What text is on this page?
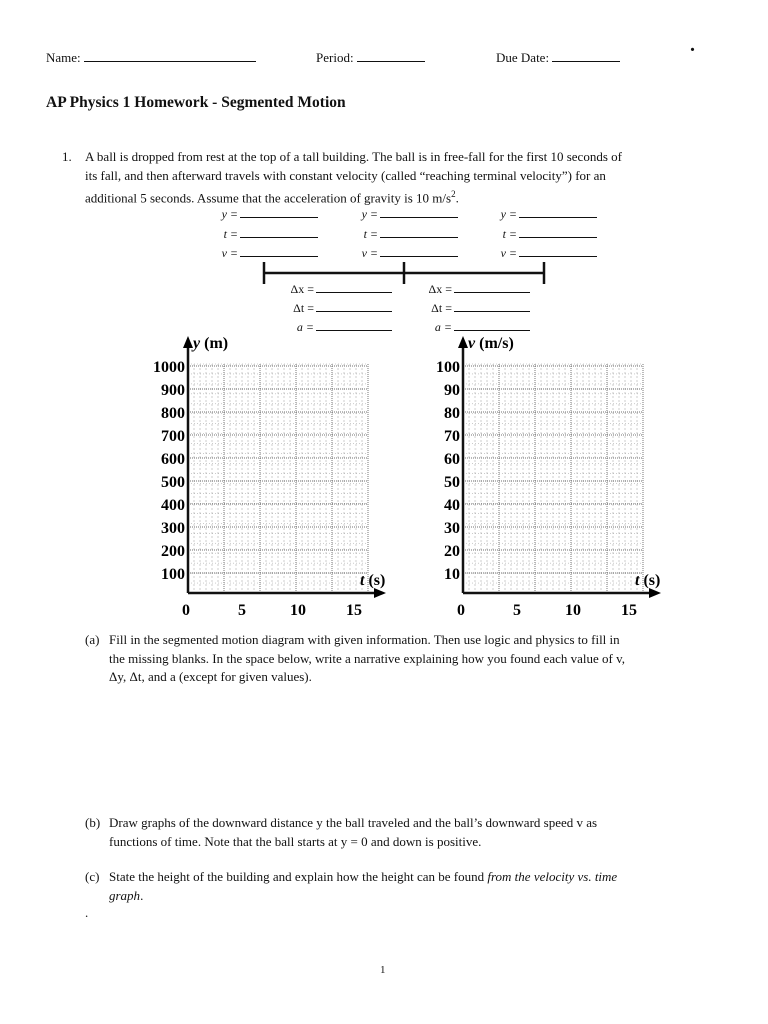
Name:	Period:	Due Date:
.
AP Physics 1 Homework - Segmented Motion
1. A ball is dropped from rest at the top of a tall building. The ball is in free-fall for the first 10 seconds of
its fall, and then afterward travels with constant velocity (called “reaching terminal velocity”) for an
additional 5 seconds. Assume that the acceleration of gravity is 10 $m/s^2$.
y =
t =
v =
y =
t =
v =
y =
t =
v =
Δx =
Δt =
a =
Δx =
Δt =
a =
1000
900
800
700
600
500
400
300
200
100
0	5	10	15
y (m)
t (s)
100
90
80
70
60
50
40
30
20
10
0	5	10	15
v (m/s)
t (s)
(a) Fill in the segmented motion diagram with given information. Then use logic and physics to fill in
the missing blanks. In the space below, write a narrative explaining how you found each value of v,
Δy, Δt, and a (except for given values).
(b) Draw graphs of the downward distance y the ball traveled and the ball’s downward speed v as
functions of time. Note that the ball starts at y = 0 and down is positive.
(c) State the height of the building and explain how the height can be found from the velocity vs. time
graph.
.
1
